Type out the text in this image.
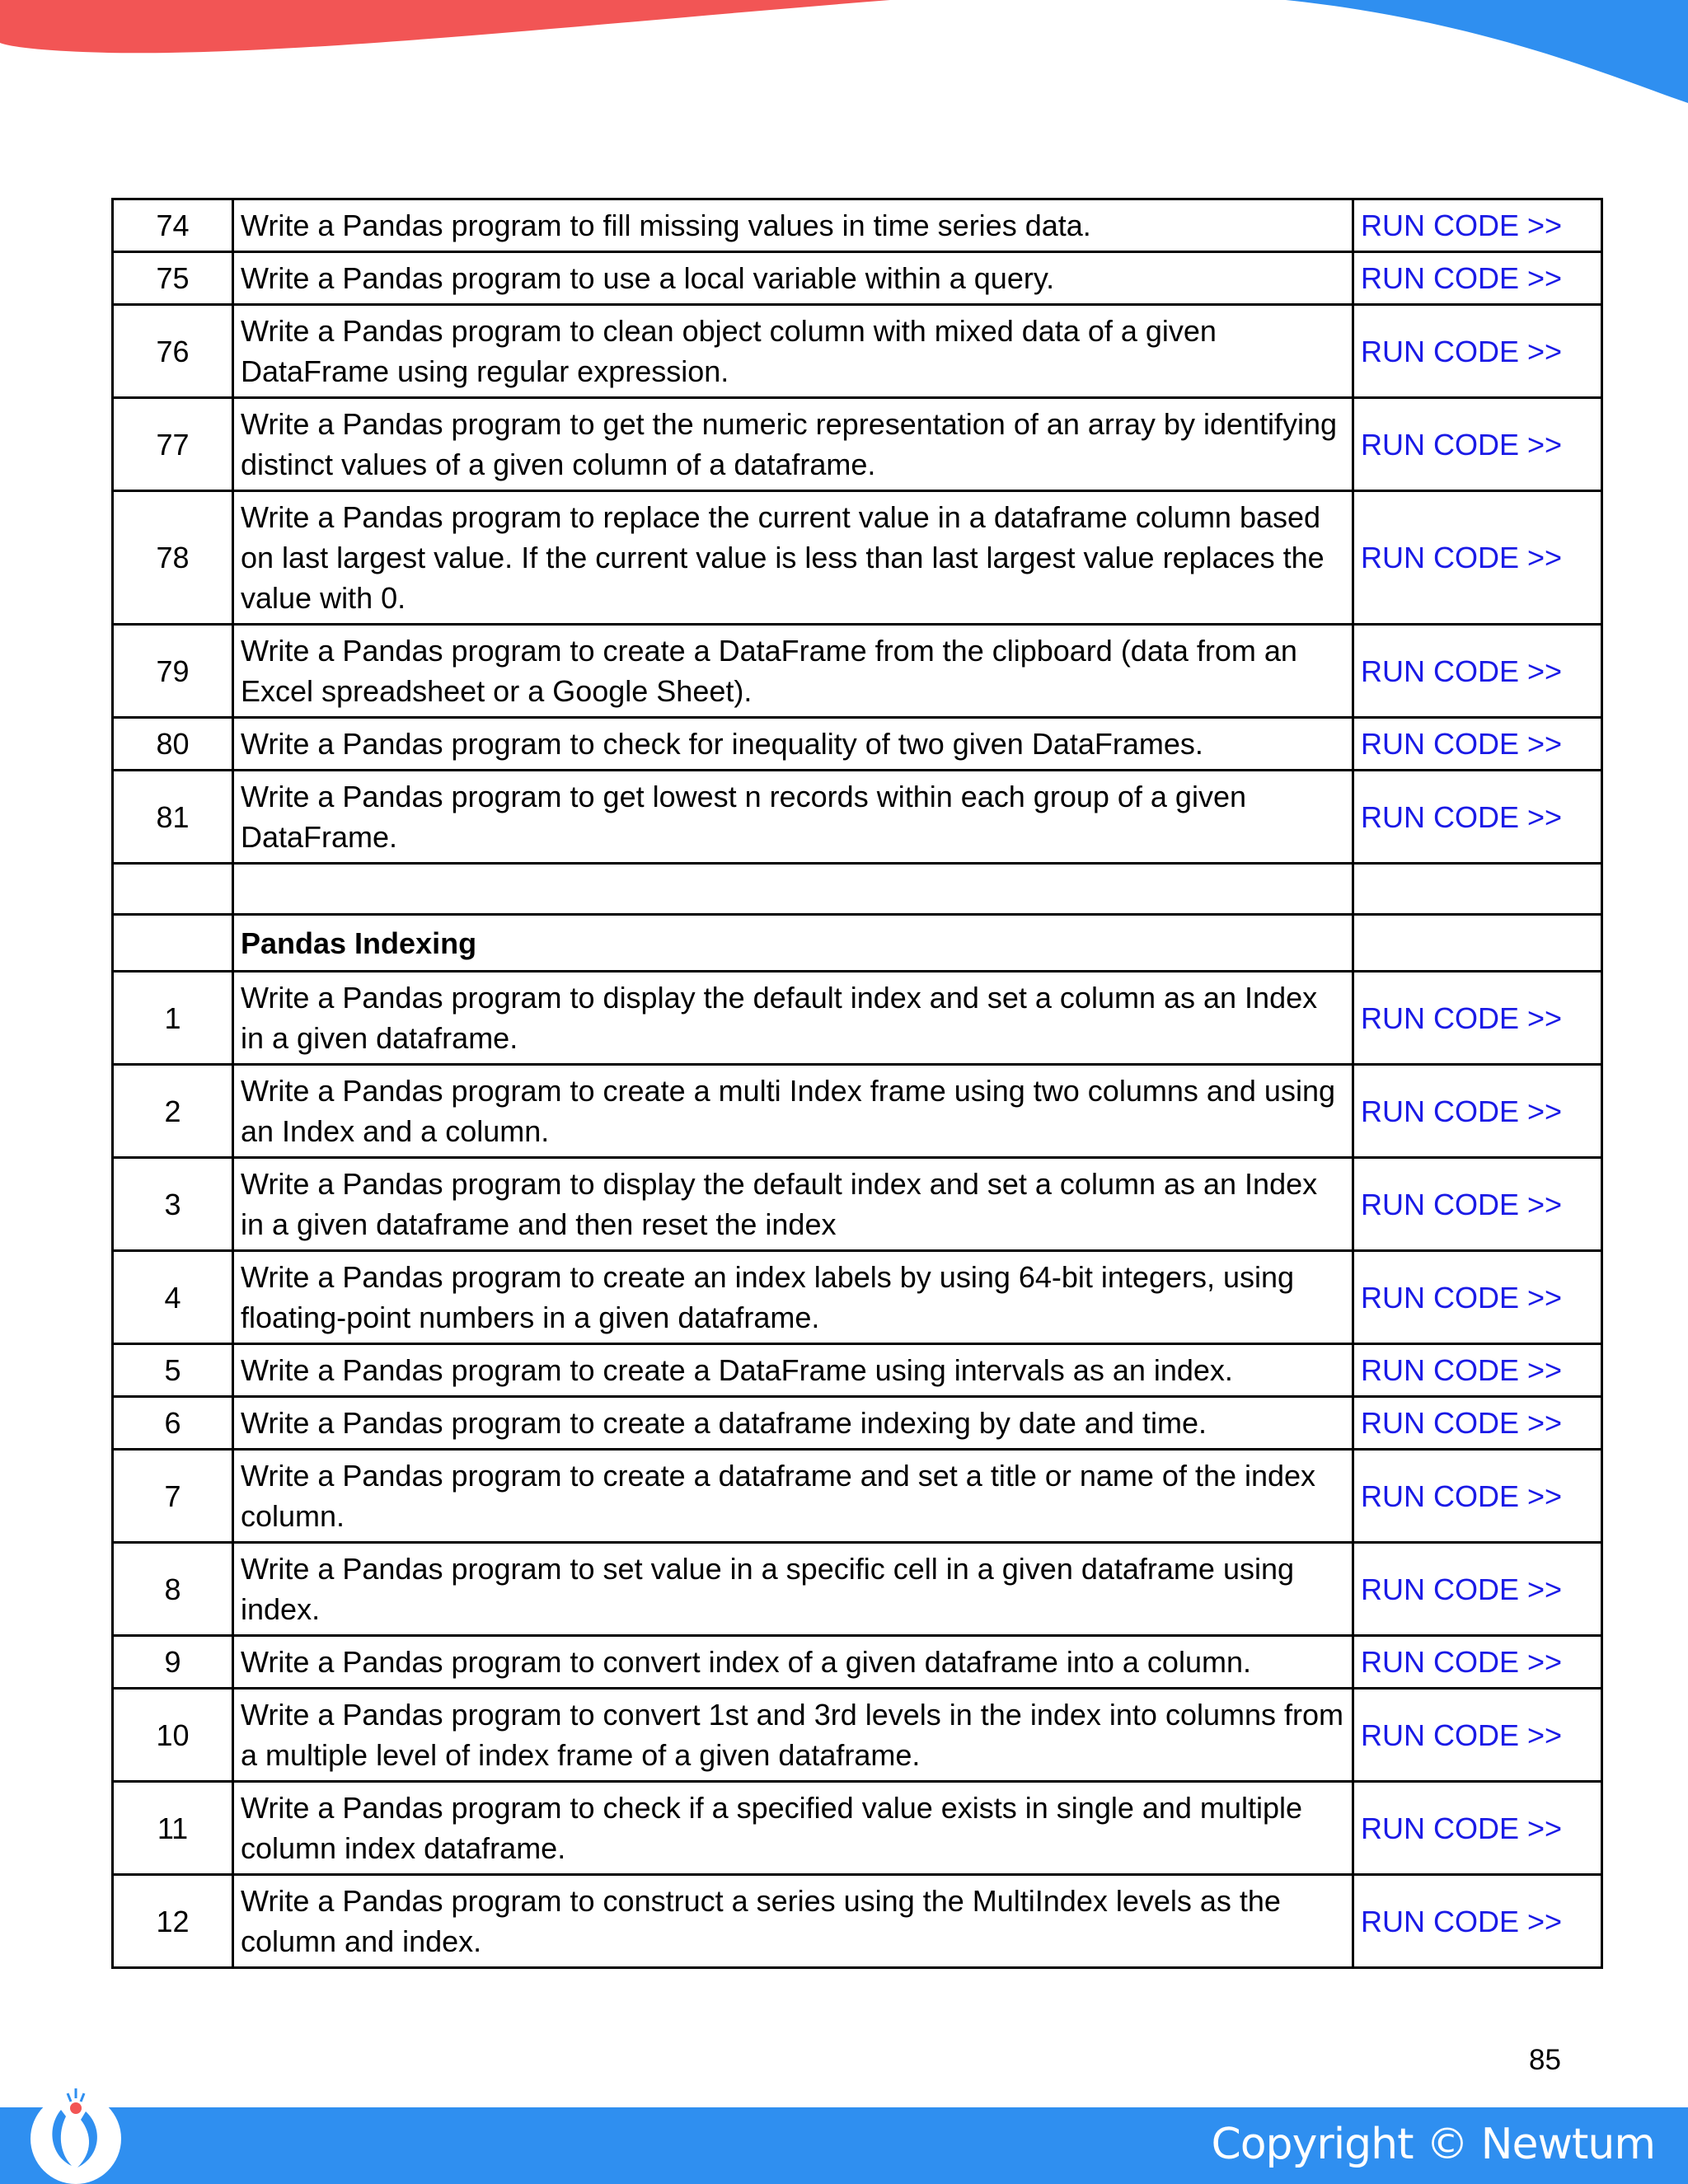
74	Write a Pandas program to fill missing values in time series data.	RUN CODE >>
75	Write a Pandas program to use a local variable within a query.	RUN CODE >>
76	Write a Pandas program to clean object column with mixed data of a given DataFrame using regular expression.	RUN CODE >>
77	Write a Pandas program to get the numeric representation of an array by identifying distinct values of a given column of a dataframe.	RUN CODE >>
78	Write a Pandas program to replace the current value in a dataframe column based on last largest value. If the current value is less than last largest value replaces the value with 0.	RUN CODE >>
79	Write a Pandas program to create a DataFrame from the clipboard (data from an Excel spreadsheet or a Google Sheet).	RUN CODE >>
80	Write a Pandas program to check for inequality of two given DataFrames.	RUN CODE >>
81	Write a Pandas program to get lowest n records within each group of a given DataFrame.	RUN CODE >>

	Pandas Indexing	
1	Write a Pandas program to display the default index and set a column as an Index in a given dataframe.	RUN CODE >>
2	Write a Pandas program to create a multi Index frame using two columns and using an Index and a column.	RUN CODE >>
3	Write a Pandas program to display the default index and set a column as an Index in a given dataframe and then reset the index	RUN CODE >>
4	Write a Pandas program to create an index labels by using 64-bit integers, using floating-point numbers in a given dataframe.	RUN CODE >>
5	Write a Pandas program to create a DataFrame using intervals as an index.	RUN CODE >>
6	Write a Pandas program to create a dataframe indexing by date and time.	RUN CODE >>
7	Write a Pandas program to create a dataframe and set a title or name of the index column.	RUN CODE >>
8	Write a Pandas program to set value in a specific cell in a given dataframe using index.	RUN CODE >>
9	Write a Pandas program to convert index of a given dataframe into a column.	RUN CODE >>
10	Write a Pandas program to convert 1st and 3rd levels in the index into columns from a multiple level of index frame of a given dataframe.	RUN CODE >>
11	Write a Pandas program to check if a specified value exists in single and multiple column index dataframe.	RUN CODE >>
12	Write a Pandas program to construct a series using the MultiIndex levels as the column and index.	RUN CODE >>
85
Copyright © Newtum
